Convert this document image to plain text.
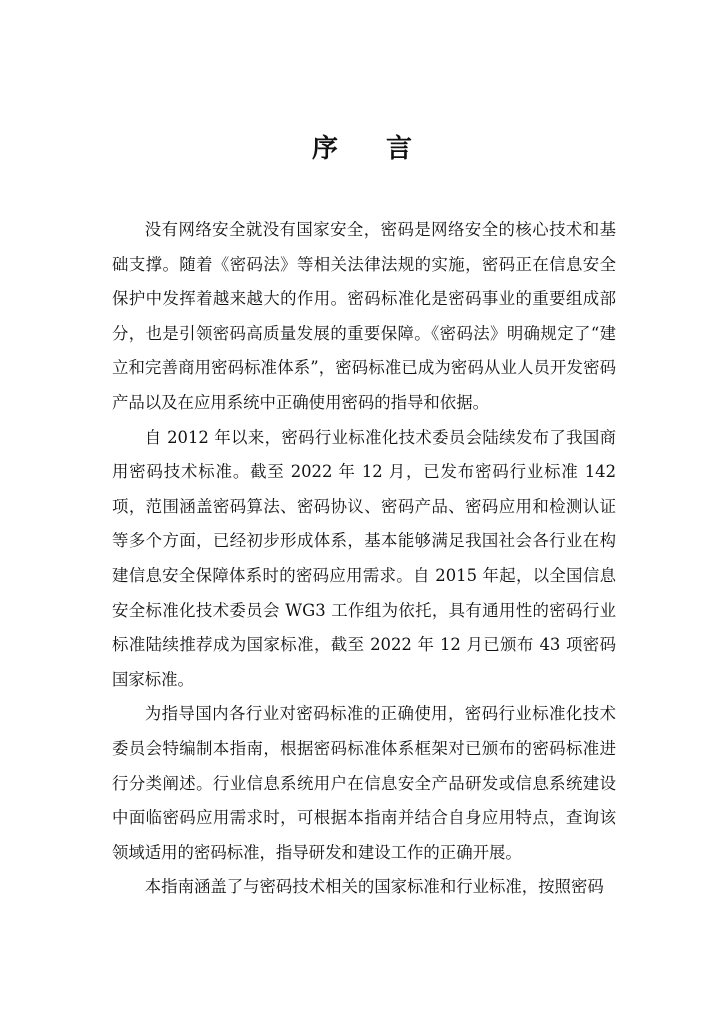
序 言

没有网络安全就没有国家安全，密码是网络安全的核心技术和基础支撑。随着《密码法》等相关法律法规的实施，密码正在信息安全保护中发挥着越来越大的作用。密码标准化是密码事业的重要组成部分，也是引领密码高质量发展的重要保障。《密码法》明确规定了“建立和完善商用密码标准体系”，密码标准已成为密码从业人员开发密码产品以及在应用系统中正确使用密码的指导和依据。

自 2012 年以来，密码行业标准化技术委员会陆续发布了我国商用密码技术标准。截至 2022 年 12 月，已发布密码行业标准 142 项，范围涵盖密码算法、密码协议、密码产品、密码应用和检测认证等多个方面，已经初步形成体系，基本能够满足我国社会各行业在构建信息安全保障体系时的密码应用需求。自 2015 年起，以全国信息安全标准化技术委员会 WG3 工作组为依托，具有通用性的密码行业标准陆续推荐成为国家标准，截至 2022 年 12 月已颁布 43 项密码国家标准。

为指导国内各行业对密码标准的正确使用，密码行业标准化技术委员会特编制本指南，根据密码标准体系框架对已颁布的密码标准进行分类阐述。行业信息系统用户在信息安全产品研发或信息系统建设中面临密码应用需求时，可根据本指南并结合自身应用特点，查询该领域适用的密码标准，指导研发和建设工作的正确开展。

本指南涵盖了与密码技术相关的国家标准和行业标准，按照密码
